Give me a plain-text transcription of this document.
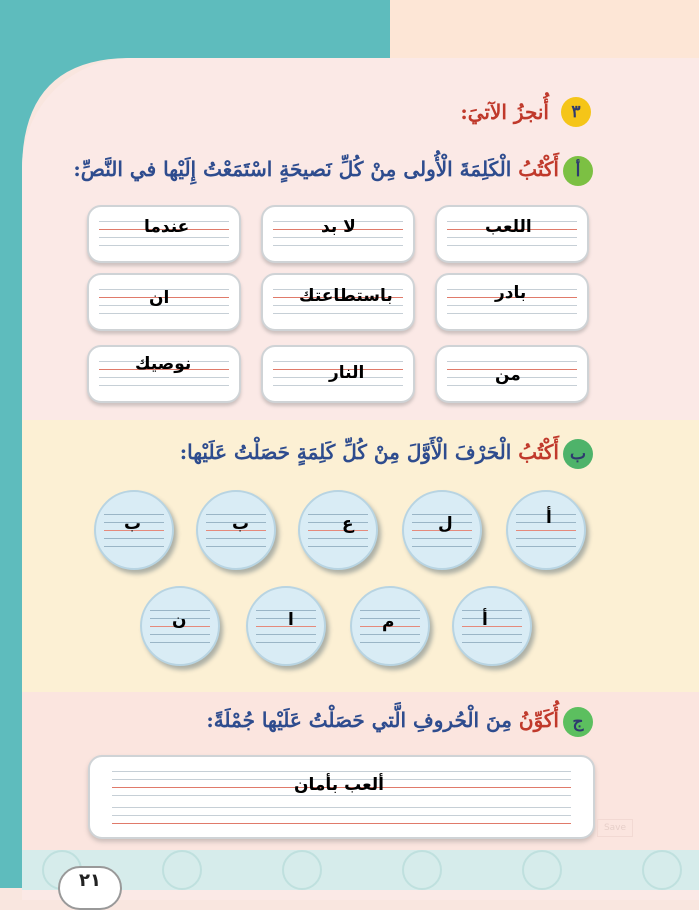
٣
أُنجزُ الآتيَ:
أ
أَكْتُبُ الْكَلِمَةَ الْأُولى مِنْ كُلِّ نَصيحَةٍ اسْتَمَعْتُ إِلَيْها في النَّصِّ:
اللعب
لا بد
عندما
بادر
باستطاعتك
ان
من
النار
نوصيك
ب
أَكْتُبُ الْحَرْفَ الْأَوَّلَ مِنْ كُلِّ كَلِمَةٍ حَصَلْتُ عَلَيْها:
أ
ل
ع
ب
ب
أ
م
ا
ن
ج
أُكَوِّنُ مِنَ الْحُروفِ الَّتي حَصَلْتُ عَلَيْها جُمْلَةً:
ألعب بأمان
Save
٢١
